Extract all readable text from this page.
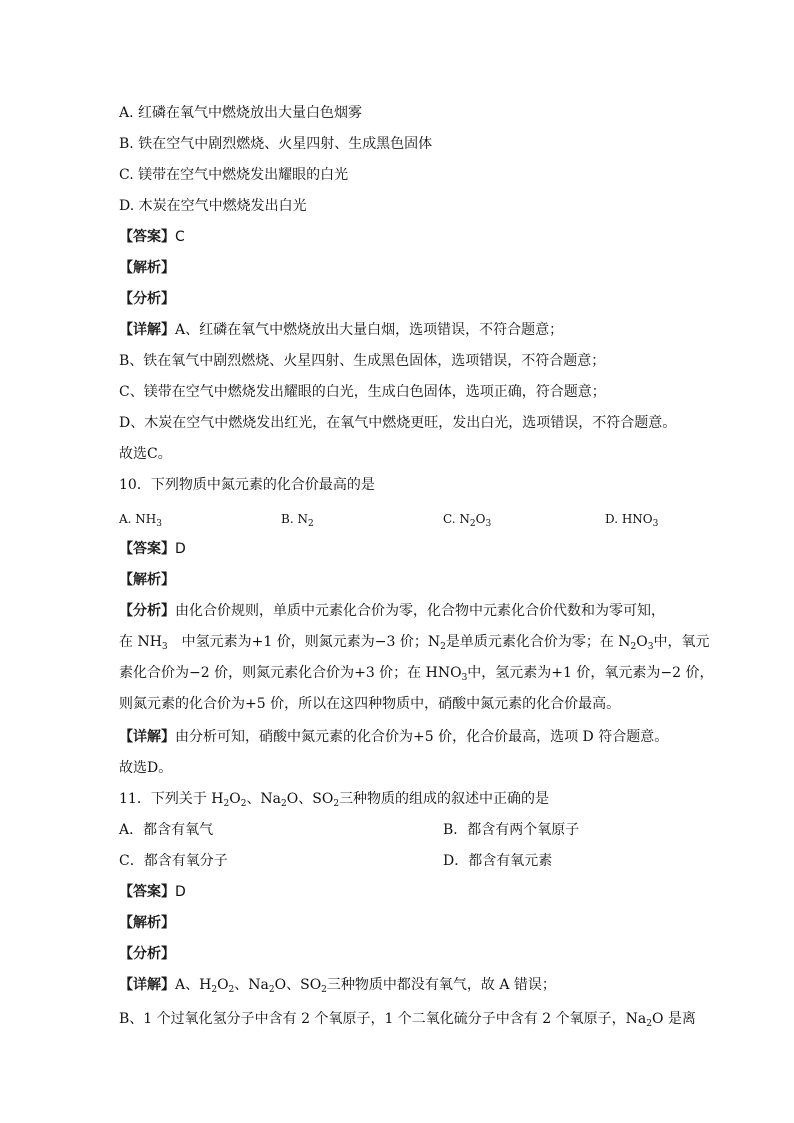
A. 红磷在氧气中燃烧放出大量白色烟雾
B. 铁在空气中剧烈燃烧、火星四射、生成黑色固体
C. 镁带在空气中燃烧发出耀眼的白光
D. 木炭在空气中燃烧发出白光
【答案】C
【解析】
【分析】
【详解】A、红磷在氧气中燃烧放出大量白烟，选项错误，不符合题意；
B、铁在氧气中剧烈燃烧、火星四射、生成黑色固体，选项错误，不符合题意；
C、镁带在空气中燃烧发出耀眼的白光，生成白色固体，选项正确，符合题意；
D、木炭在空气中燃烧发出红光，在氧气中燃烧更旺，发出白光，选项错误，不符合题意。
故选C。
10．下列物质中氮元素的化合价最高的是
A. $NH_3$	B. $N_2$	C. $N_2O_3$	D. $HNO_3$
【答案】D
【解析】
【分析】由化合价规则，单质中元素化合价为零，化合物中元素化合价代数和为零可知，
在 $NH_3$　中氢元素为+1 价，则氮元素为−3 价；$N_2$是单质元素化合价为零；在 $N_2O_3$中，氧元
素化合价为−2 价，则氮元素化合价为+3 价；在 $HNO_3$中，氢元素为+1 价，氧元素为−2 价，
则氮元素的化合价为+5 价，所以在这四种物质中，硝酸中氮元素的化合价最高。
【详解】由分析可知，硝酸中氮元素的化合价为+5 价，化合价最高，选项 D 符合题意。
故选D。
11．下列关于 $H_2O_2$、$Na_2O$、$SO_2$三种物质的组成的叙述中正确的是
A．都含有氧气	B．都含有两个氧原子
C．都含有氧分子	D．都含有氧元素
【答案】D
【解析】
【分析】
【详解】A、$H_2O_2$、$Na_2O$、$SO_2$三种物质中都没有氧气，故 A 错误；
B、1 个过氧化氢分子中含有 2 个氧原子，1 个二氧化硫分子中含有 2 个氧原子，$Na_2O$ 是离
